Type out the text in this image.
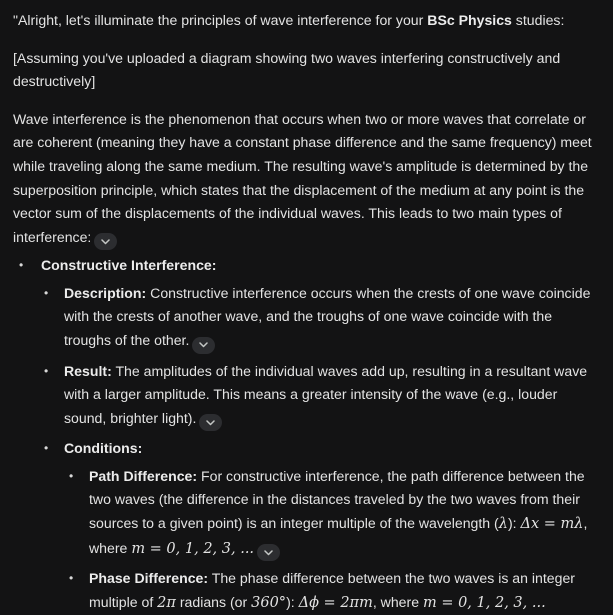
"Alright, let's illuminate the principles of wave interference for your BSc Physics studies:

[Assuming you've uploaded a diagram showing two waves interfering constructively and destructively]

Wave interference is the phenomenon that occurs when two or more waves that correlate or are coherent (meaning they have a constant phase difference and the same frequency) meet while traveling along the same medium. The resulting wave's amplitude is determined by the superposition principle, which states that the displacement of the medium at any point is the vector sum of the displacements of the individual waves. This leads to two main types of interference:

• Constructive Interference:
• Description: Constructive interference occurs when the crests of one wave coincide with the crests of another wave, and the troughs of one wave coincide with the troughs of the other.
• Result: The amplitudes of the individual waves add up, resulting in a resultant wave with a larger amplitude. This means a greater intensity of the wave (e.g., louder sound, brighter light).
• Conditions:
• Path Difference: For constructive interference, the path difference between the two waves (the difference in the distances traveled by the two waves from their sources to a given point) is an integer multiple of the wavelength (λ): Δx = mλ, where m = 0, 1, 2, 3, ...
• Phase Difference: The phase difference between the two waves is an integer multiple of 2π radians (or 360°): Δϕ = 2πm, where m = 0, 1, 2, 3, ...
